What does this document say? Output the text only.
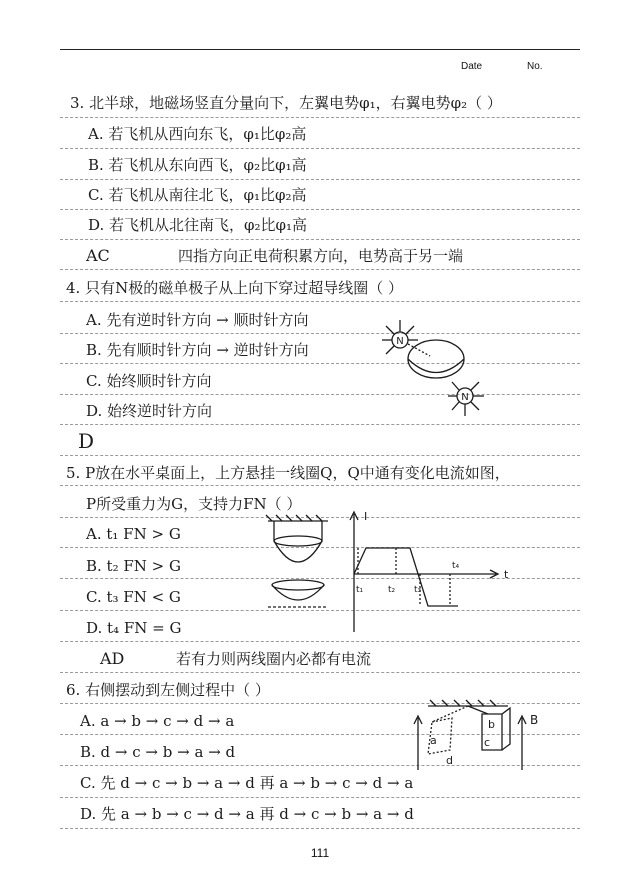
Date	No.
3. 北半球，地磁场竖直分量向下，左翼电势φ₁，右翼电势φ₂（ ）
A. 若飞机从西向东飞，φ₁比φ₂高
B. 若飞机从东向西飞，φ₂比φ₁高
C. 若飞机从南往北飞，φ₁比φ₂高
D. 若飞机从北往南飞，φ₂比φ₁高
AC	四指方向正电荷积累方向，电势高于另一端
4. 只有N极的磁单极子从上向下穿过超导线圈（ ）
A. 先有逆时针方向 → 顺时针方向
B. 先有顺时针方向 → 逆时针方向
C. 始终顺时针方向
D. 始终逆时针方向
D
N
N
5. P放在水平桌面上，上方悬挂一线圈Q，Q中通有变化电流如图，
P所受重力为G，支持力FN（ ）
A. t₁ FN > G
B. t₂ FN > G
C. t₃ FN < G
D. t₄ FN = G
AD	若有力则两线圈内必都有电流
I
t
t₁	t₂ t₃
t₄
6. 右侧摆动到左侧过程中（ ）
A. a → b → c → d → a
B. d → c → b → a → d
C. 先 d → c → b → a → d 再 a → b → c → d → a
D. 先 a → b → c → d → a 再 d → c → b → a → d
B
a
d
b
c
111
